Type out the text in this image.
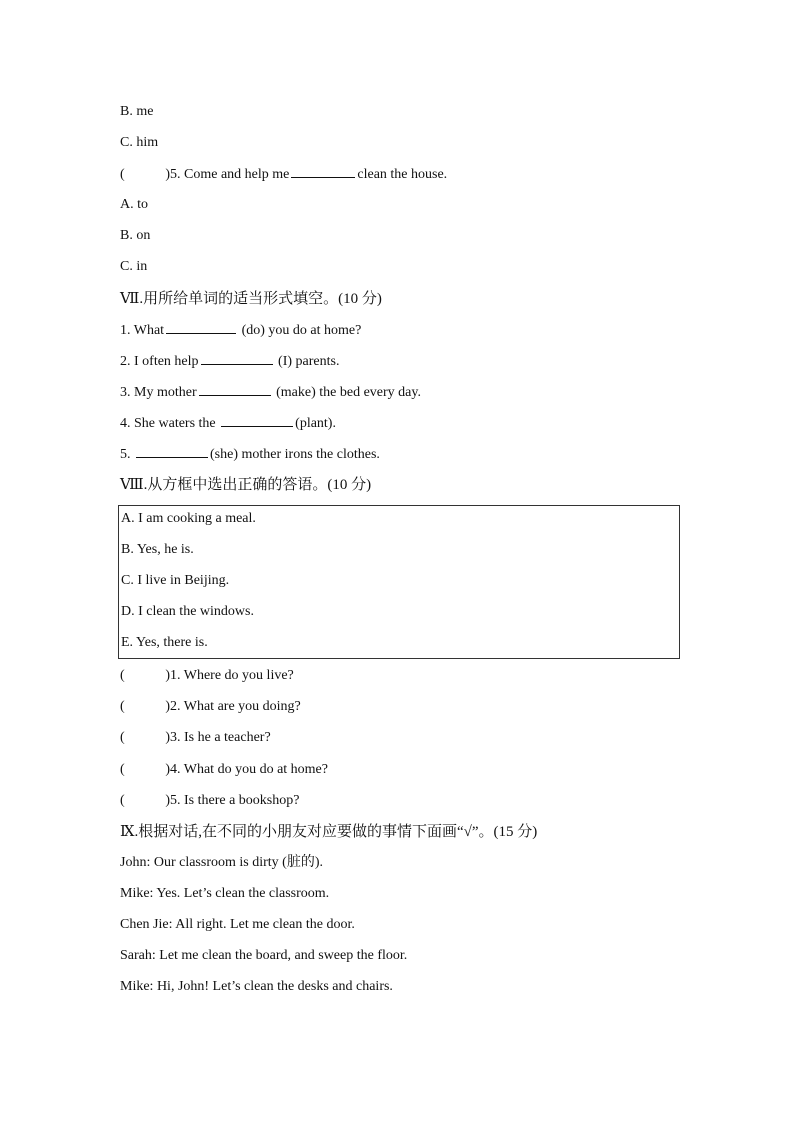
B. me
C. him
(	) 5. Come and help me	clean the house.
A. to
B. on
C. in
Ⅶ.用所给单词的适当形式填空。(10 分)
1. What	(do) you do at home?
2. I often help	(I) parents.
3. My mother	(make) the bed every day.
4. She waters the	(plant).
5.	(she) mother irons the clothes.
Ⅷ.从方框中选出正确的答语。(10 分)
A. I am cooking a meal.
B. Yes, he is.
C. I live in Beijing.
D. I clean the windows.
E. Yes, there is.
(	) 1. Where do you live?
(	) 2. What are you doing?
(	) 3. Is he a teacher?
(	) 4. What do you do at home?
(	) 5. Is there a bookshop?
Ⅸ.根据对话,在不同的小朋友对应要做的事情下面画“√”。(15 分)
John: Our classroom is dirty (脏的).
Mike: Yes. Let’s clean the classroom.
Chen Jie: All right. Let me clean the door.
Sarah: Let me clean the board, and sweep the floor.
Mike: Hi, John! Let’s clean the desks and chairs.
